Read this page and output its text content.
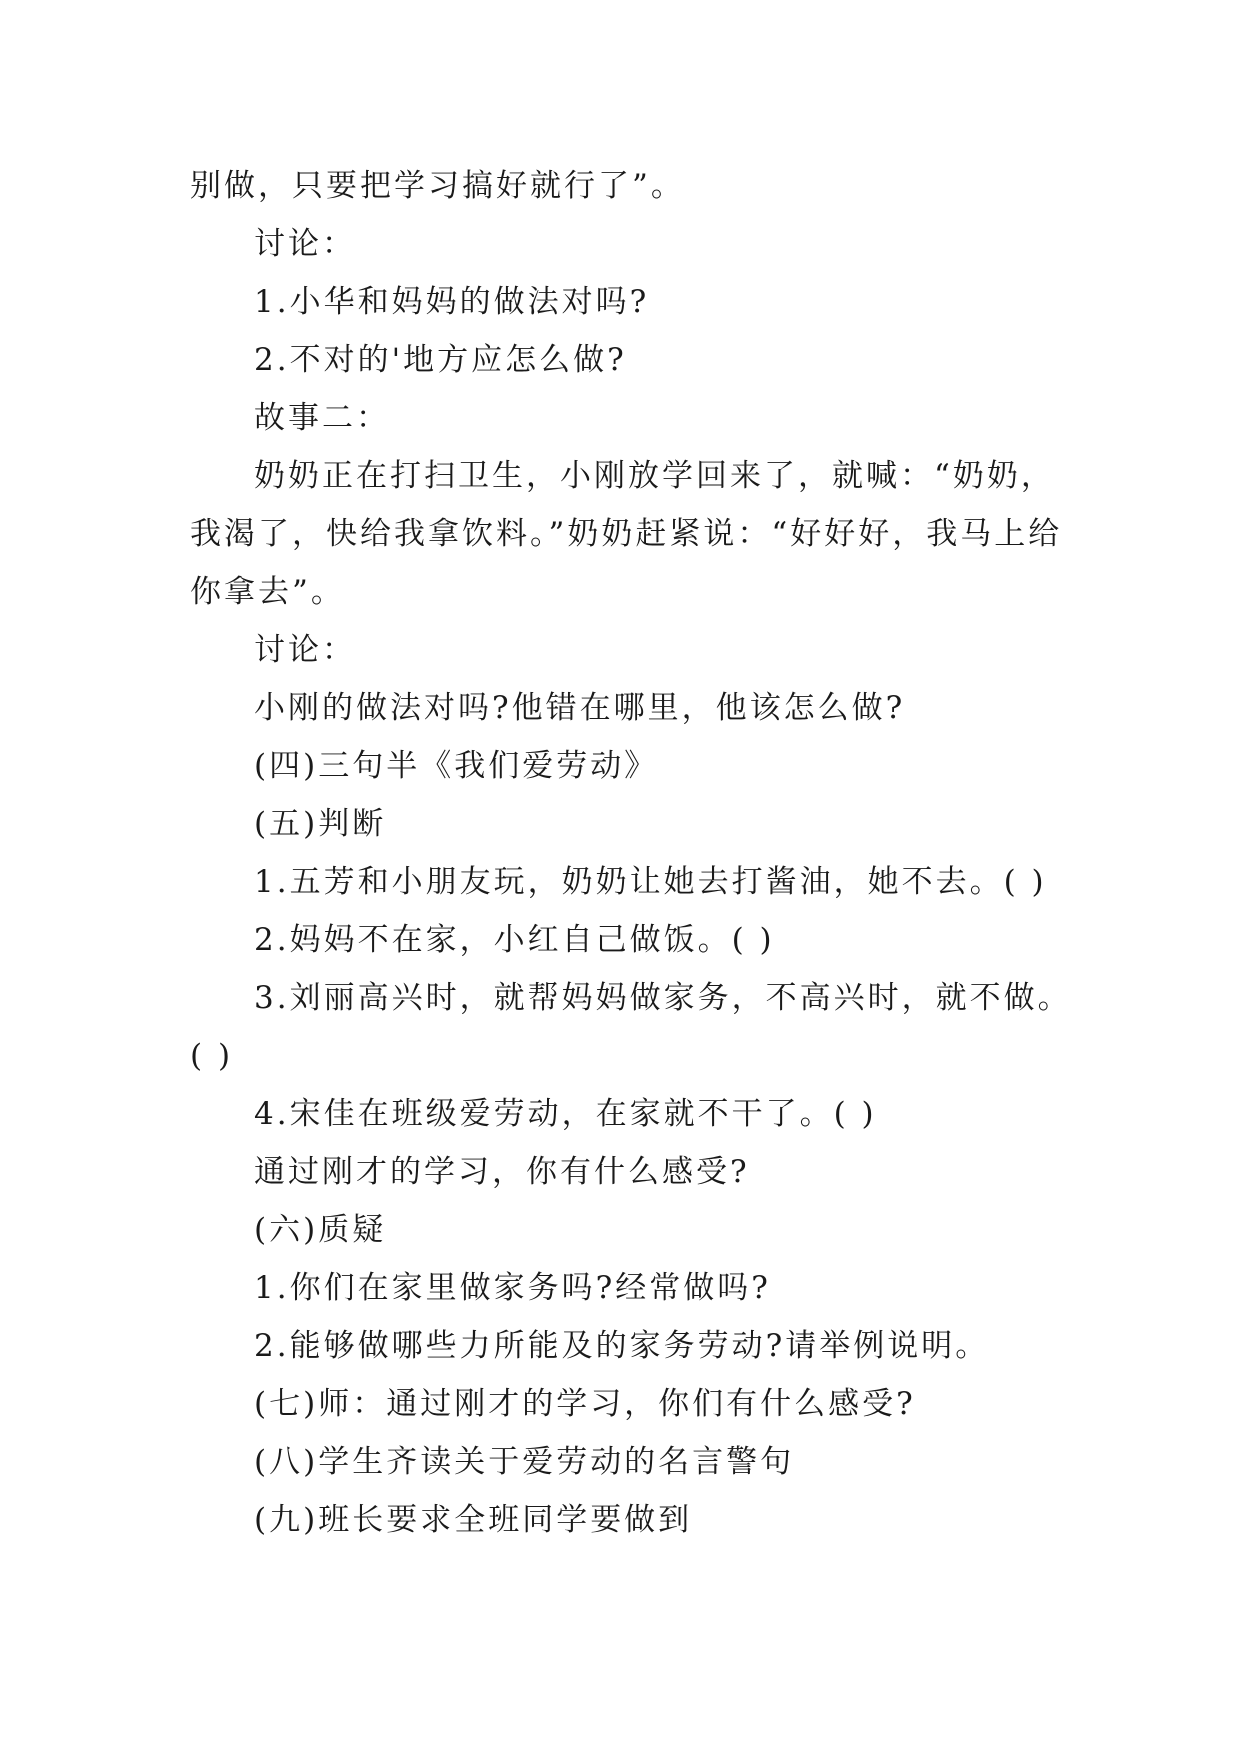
别做，只要把学习搞好就行了”。
讨论：
1.小华和妈妈的做法对吗?
2.不对的'地方应怎么做?
故事二：
奶奶正在打扫卫生，小刚放学回来了，就喊：“奶奶，
我渴了，快给我拿饮料。”奶奶赶紧说：“好好好，我马上给
你拿去”。
讨论：
小刚的做法对吗?他错在哪里，他该怎么做?
(四)三句半《我们爱劳动》
(五)判断
1.五芳和小朋友玩，奶奶让她去打酱油，她不去。( )
2.妈妈不在家，小红自己做饭。( )
3.刘丽高兴时，就帮妈妈做家务，不高兴时，就不做。
( )
4.宋佳在班级爱劳动，在家就不干了。( )
通过刚才的学习，你有什么感受?
(六)质疑
1.你们在家里做家务吗?经常做吗?
2.能够做哪些力所能及的家务劳动?请举例说明。
(七)师：通过刚才的学习，你们有什么感受?
(八)学生齐读关于爱劳动的名言警句
(九)班长要求全班同学要做到
